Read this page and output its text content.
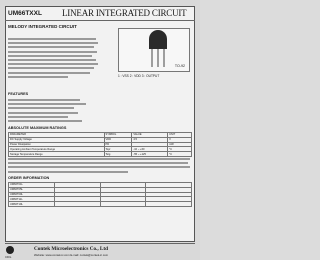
UM66TXXL LINEAR INTEGRATED CIRCUIT
MELODY INTEGRATED CIRCUIT
TO-92
1 : VSS 2 : VDD 3 : OUTPUT
FEATURES
ABSOLUTE MAXIMUM RATINGS
PARAMETER	SYMBOL	VALUE	UNIT
DC Supply Voltage	VDD	4.5	V
Power Dissipation	PD		mW
Operating Ambient Temperature Range	Topr	-10 ~ +60	°C
Storage Temperature Range	Tstg	-55 ~ +125	°C
ORDER INFORMATION
UM66T01L			
UM66T05L			
UM66T09L			
UM66T11L			
UM66T19L			
CDIL
Contek Microelectronics Co., Ltd
Website: www.contek-ic.com E-mail: contek@contek-ic.com
